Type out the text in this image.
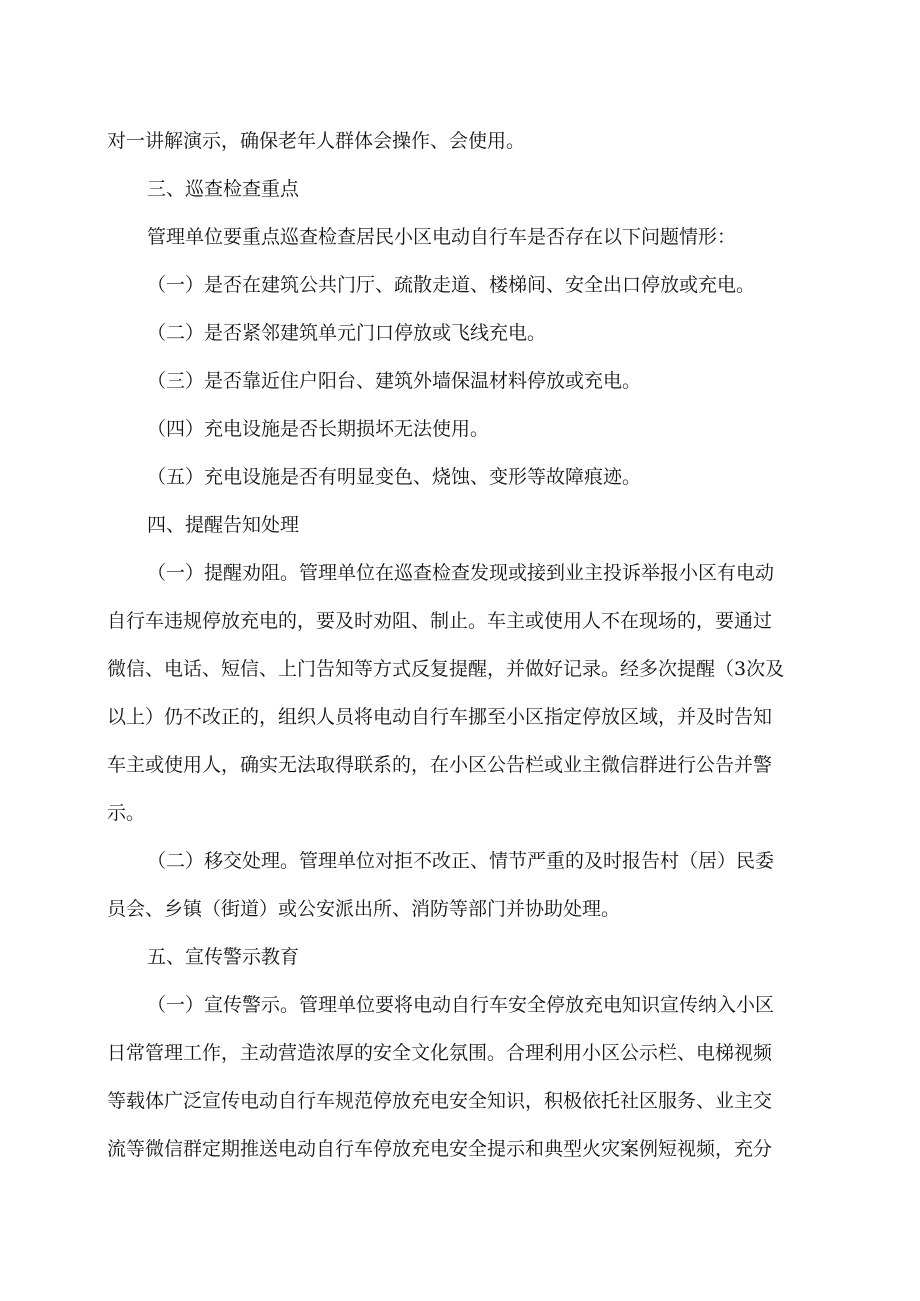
对一讲解演示，确保老年人群体会操作、会使用。
三、巡查检查重点
管理单位要重点巡查检查居民小区电动自行车是否存在以下问题情形：
（一）是否在建筑公共门厅、疏散走道、楼梯间、安全出口停放或充电。
（二）是否紧邻建筑单元门口停放或飞线充电。
（三）是否靠近住户阳台、建筑外墙保温材料停放或充电。
（四）充电设施是否长期损坏无法使用。
（五）充电设施是否有明显变色、烧蚀、变形等故障痕迹。
四、提醒告知处理
（一）提醒劝阻。管理单位在巡查检查发现或接到业主投诉举报小区有电动
自行车违规停放充电的，要及时劝阻、制止。车主或使用人不在现场的，要通过
微信、电话、短信、上门告知等方式反复提醒，并做好记录。经多次提醒（3次及
以上）仍不改正的，组织人员将电动自行车挪至小区指定停放区域，并及时告知
车主或使用人，确实无法取得联系的，在小区公告栏或业主微信群进行公告并警
示。
（二）移交处理。管理单位对拒不改正、情节严重的及时报告村（居）民委
员会、乡镇（街道）或公安派出所、消防等部门并协助处理。
五、宣传警示教育
（一）宣传警示。管理单位要将电动自行车安全停放充电知识宣传纳入小区
日常管理工作，主动营造浓厚的安全文化氛围。合理利用小区公示栏、电梯视频
等载体广泛宣传电动自行车规范停放充电安全知识，积极依托社区服务、业主交
流等微信群定期推送电动自行车停放充电安全提示和典型火灾案例短视频，充分
